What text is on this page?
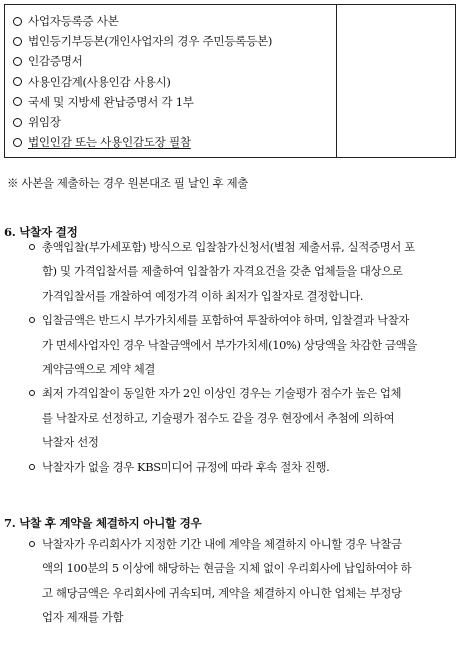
사업자등록증 사본
법인등기부등본(개인사업자의 경우 주민등록등본)
인감증명서
사용인감계(사용인감 사용시)
국세 및 지방세 완납증명서 각 1부
위임장
법인인감 또는 사용인감도장 필참
※ 사본을 제출하는 경우 원본대조 필 날인 후 제출
6. 낙찰자 결정
총액입찰(부가세포함) 방식으로 입찰참가신청서(별첨 제출서류, 실적증명서 포
함) 및 가격입찰서를 제출하여 입찰참가 자격요건을 갖춘 업체들을 대상으로
가격입찰서를 개찰하여 예정가격 이하 최저가 입찰자로 결정합니다.
입찰금액은 반드시 부가가치세를 포함하여 투찰하여야 하며, 입찰결과 낙찰자
가 면세사업자인 경우 낙찰금액에서 부가가치세(10%) 상당액을 차감한 금액을
계약금액으로 계약 체결
최저 가격입찰이 동일한 자가 2인 이상인 경우는 기술평가 점수가 높은 업체
를 낙찰자로 선정하고, 기술평가 점수도 같을 경우 현장에서 추첨에 의하여
낙찰자 선정
낙찰자가 없을 경우 KBS미디어 규정에 따라 후속 절차 진행.
7. 낙찰 후 계약을 체결하지 아니할 경우
낙찰자가 우리회사가 지정한 기간 내에 계약을 체결하지 아니할 경우 낙찰금
액의 100분의 5 이상에 해당하는 현금을 지체 없이 우리회사에 납입하여야 하
고 해당금액은 우리회사에 귀속되며, 계약을 체결하지 아니한 업체는 부정당
업자 제재를 가함
